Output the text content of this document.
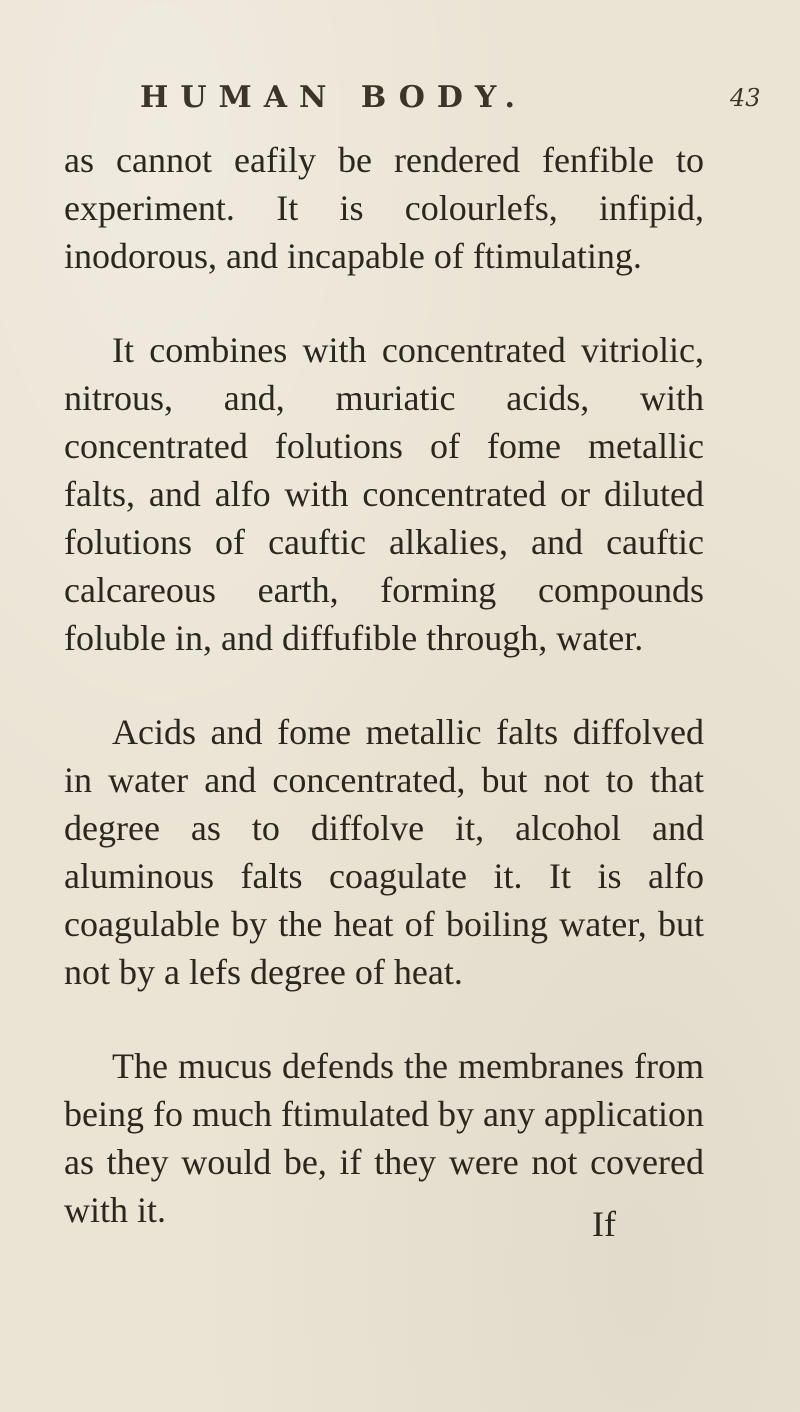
HUMAN BODY.	43

as cannot eafily be rendered fenfible to experiment. It is colourlefs, infipid, inodorous, and incapable of ftimulating.

It combines with concentrated vitriolic, nitrous, and, muriatic acids, with concentrated folutions of fome metallic falts, and alfo with concentrated or diluted folutions of cauftic alkalies, and cauftic calcareous earth, forming compounds foluble in, and diffufible through, water.

Acids and fome metallic falts diffolved in water and concentrated, but not to that degree as to diffolve it, alcohol and aluminous falts coagulate it. It is alfo coagulable by the heat of boiling water, but not by a lefs degree of heat.

The mucus defends the membranes from being fo much ftimulated by any application as they would be, if they were not covered with it.	If
